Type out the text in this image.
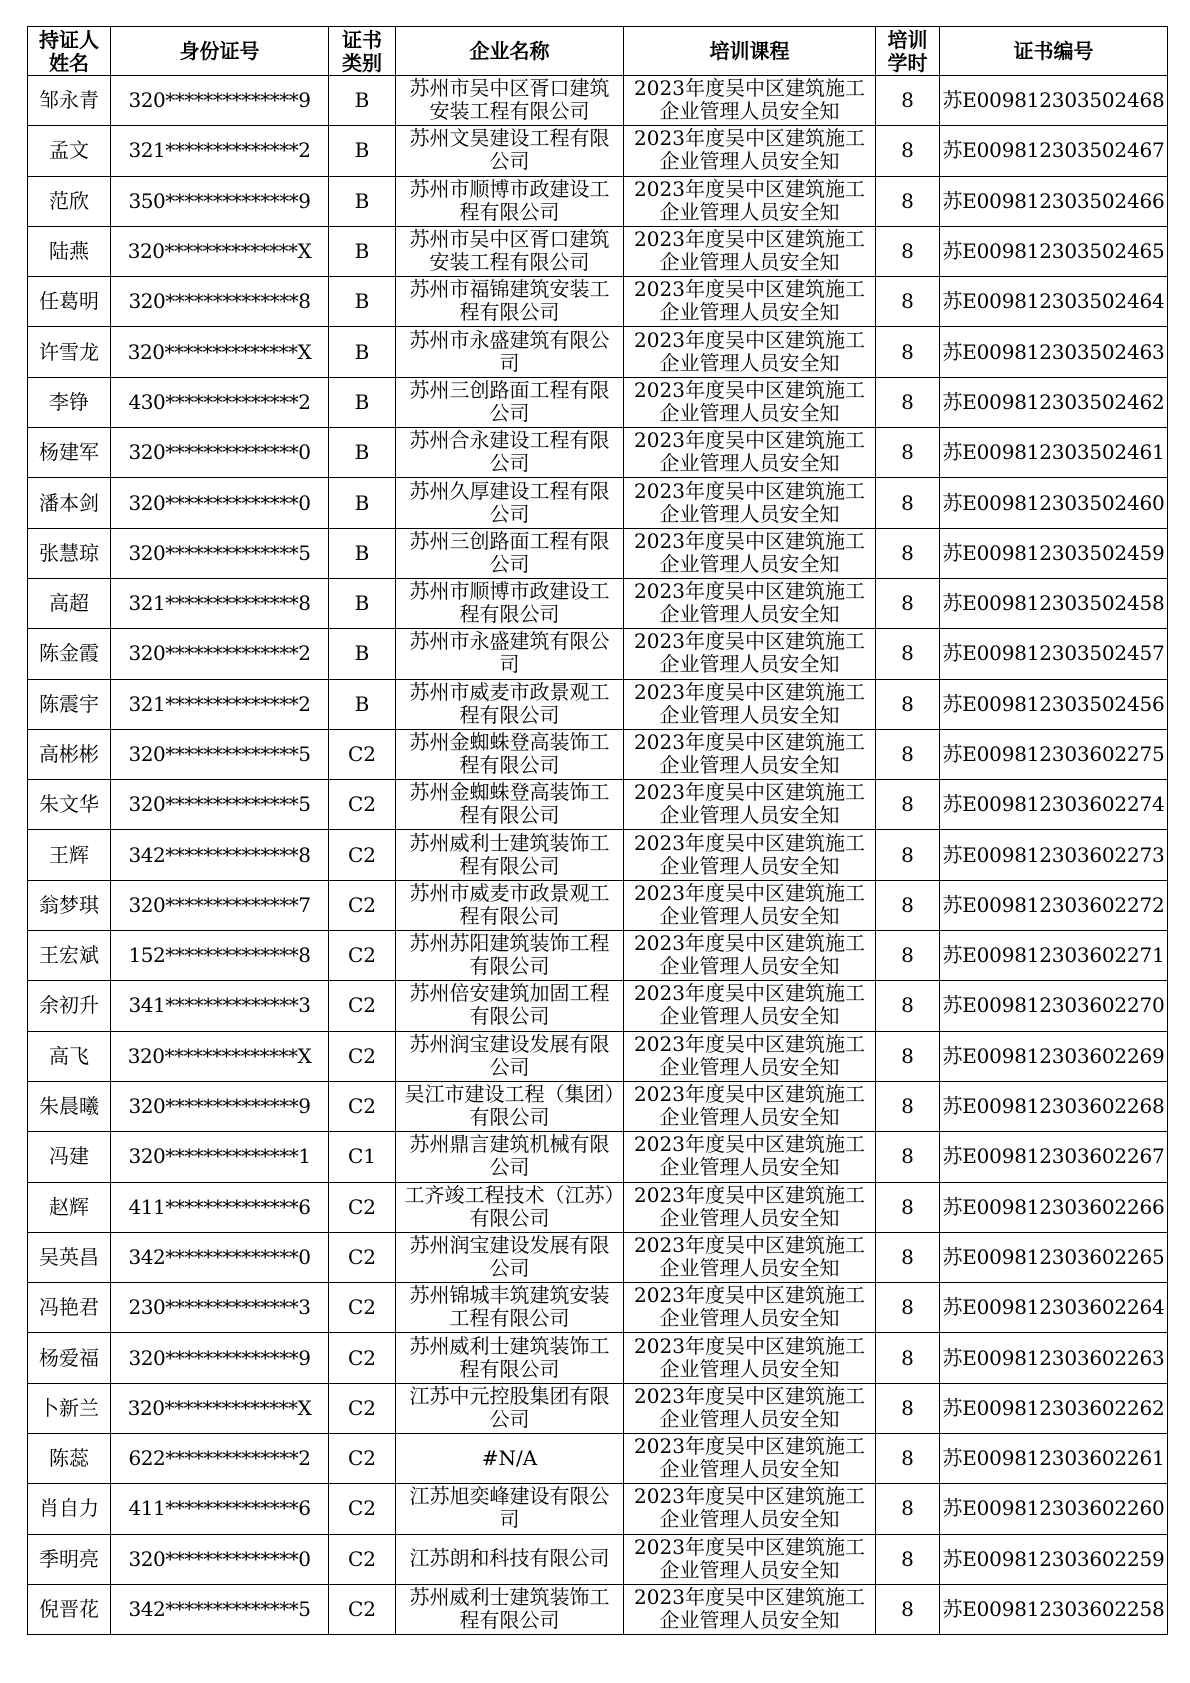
持证人姓名	身份证号	证书类别	企业名称	培训课程	培训学时	证书编号
邹永青	320**************9	B	苏州市吴中区胥口建筑安装工程有限公司	2023年度吴中区建筑施工企业管理人员安全知	8	苏E009812303502468
孟文	321**************2	B	苏州文昊建设工程有限公司	2023年度吴中区建筑施工企业管理人员安全知	8	苏E009812303502467
范欣	350**************9	B	苏州市顺博市政建设工程有限公司	2023年度吴中区建筑施工企业管理人员安全知	8	苏E009812303502466
陆燕	320**************X	B	苏州市吴中区胥口建筑安装工程有限公司	2023年度吴中区建筑施工企业管理人员安全知	8	苏E009812303502465
任葛明	320**************8	B	苏州市福锦建筑安装工程有限公司	2023年度吴中区建筑施工企业管理人员安全知	8	苏E009812303502464
许雪龙	320**************X	B	苏州市永盛建筑有限公司	2023年度吴中区建筑施工企业管理人员安全知	8	苏E009812303502463
李铮	430**************2	B	苏州三创路面工程有限公司	2023年度吴中区建筑施工企业管理人员安全知	8	苏E009812303502462
杨建军	320**************0	B	苏州合永建设工程有限公司	2023年度吴中区建筑施工企业管理人员安全知	8	苏E009812303502461
潘本剑	320**************0	B	苏州久厚建设工程有限公司	2023年度吴中区建筑施工企业管理人员安全知	8	苏E009812303502460
张慧琼	320**************5	B	苏州三创路面工程有限公司	2023年度吴中区建筑施工企业管理人员安全知	8	苏E009812303502459
高超	321**************8	B	苏州市顺博市政建设工程有限公司	2023年度吴中区建筑施工企业管理人员安全知	8	苏E009812303502458
陈金霞	320**************2	B	苏州市永盛建筑有限公司	2023年度吴中区建筑施工企业管理人员安全知	8	苏E009812303502457
陈震宇	321**************2	B	苏州市威麦市政景观工程有限公司	2023年度吴中区建筑施工企业管理人员安全知	8	苏E009812303502456
高彬彬	320**************5	C2	苏州金蜘蛛登高装饰工程有限公司	2023年度吴中区建筑施工企业管理人员安全知	8	苏E009812303602275
朱文华	320**************5	C2	苏州金蜘蛛登高装饰工程有限公司	2023年度吴中区建筑施工企业管理人员安全知	8	苏E009812303602274
王辉	342**************8	C2	苏州威利士建筑装饰工程有限公司	2023年度吴中区建筑施工企业管理人员安全知	8	苏E009812303602273
翁梦琪	320**************7	C2	苏州市威麦市政景观工程有限公司	2023年度吴中区建筑施工企业管理人员安全知	8	苏E009812303602272
王宏斌	152**************8	C2	苏州苏阳建筑装饰工程有限公司	2023年度吴中区建筑施工企业管理人员安全知	8	苏E009812303602271
余初升	341**************3	C2	苏州倍安建筑加固工程有限公司	2023年度吴中区建筑施工企业管理人员安全知	8	苏E009812303602270
高飞	320**************X	C2	苏州润宝建设发展有限公司	2023年度吴中区建筑施工企业管理人员安全知	8	苏E009812303602269
朱晨曦	320**************9	C2	吴江市建设工程（集团）有限公司	2023年度吴中区建筑施工企业管理人员安全知	8	苏E009812303602268
冯建	320**************1	C1	苏州鼎言建筑机械有限公司	2023年度吴中区建筑施工企业管理人员安全知	8	苏E009812303602267
赵辉	411**************6	C2	工齐竣工程技术（江苏）有限公司	2023年度吴中区建筑施工企业管理人员安全知	8	苏E009812303602266
吴英昌	342**************0	C2	苏州润宝建设发展有限公司	2023年度吴中区建筑施工企业管理人员安全知	8	苏E009812303602265
冯艳君	230**************3	C2	苏州锦城丰筑建筑安装工程有限公司	2023年度吴中区建筑施工企业管理人员安全知	8	苏E009812303602264
杨爱福	320**************9	C2	苏州威利士建筑装饰工程有限公司	2023年度吴中区建筑施工企业管理人员安全知	8	苏E009812303602263
卜新兰	320**************X	C2	江苏中元控股集团有限公司	2023年度吴中区建筑施工企业管理人员安全知	8	苏E009812303602262
陈蕊	622**************2	C2	#N/A	2023年度吴中区建筑施工企业管理人员安全知	8	苏E009812303602261
肖自力	411**************6	C2	江苏旭奕峰建设有限公司	2023年度吴中区建筑施工企业管理人员安全知	8	苏E009812303602260
季明亮	320**************0	C2	江苏朗和科技有限公司	2023年度吴中区建筑施工企业管理人员安全知	8	苏E009812303602259
倪晋花	342**************5	C2	苏州威利士建筑装饰工程有限公司	2023年度吴中区建筑施工企业管理人员安全知	8	苏E009812303602258
